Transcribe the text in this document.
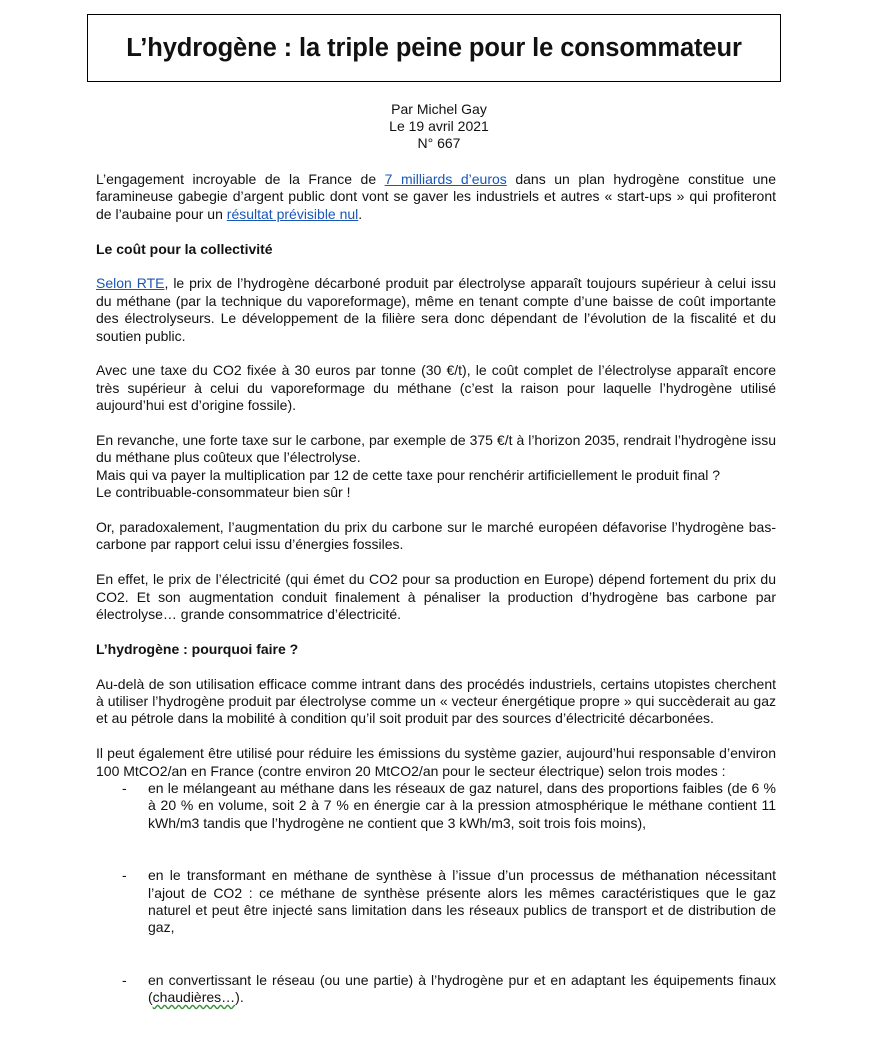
L’hydrogène : la triple peine pour le consommateur
Par Michel Gay
Le 19 avril 2021
N° 667

L’engagement incroyable de la France de 7 milliards d’euros dans un plan hydrogène constitue une faramineuse gabegie d’argent public dont vont se gaver les industriels et autres « start-ups » qui profiteront de l’aubaine pour un résultat prévisible nul.

Le coût pour la collectivité

Selon RTE, le prix de l’hydrogène décarboné produit par électrolyse apparaît toujours supérieur à celui issu du méthane (par la technique du vaporeformage), même en tenant compte d’une baisse de coût importante des électrolyseurs. Le développement de la filière sera donc dépendant de l’évolution de la fiscalité et du soutien public.

Avec une taxe du CO2 fixée à 30 euros par tonne (30 €/t), le coût complet de l’électrolyse apparaît encore très supérieur à celui du vaporeformage du méthane (c’est la raison pour laquelle l’hydrogène utilisé aujourd’hui est d’origine fossile).

En revanche, une forte taxe sur le carbone, par exemple de 375 €/t à l’horizon 2035, rendrait l’hydrogène issu du méthane plus coûteux que l’électrolyse.

Mais qui va payer la multiplication par 12 de cette taxe pour renchérir artificiellement le produit final ?

Le contribuable-consommateur bien sûr !

Or, paradoxalement, l’augmentation du prix du carbone sur le marché européen défavorise l’hydrogène bas-carbone par rapport celui issu d’énergies fossiles.

En effet, le prix de l’électricité (qui émet du CO2 pour sa production en Europe) dépend fortement du prix du CO2. Et son augmentation conduit finalement à pénaliser la production d’hydrogène bas carbone par électrolyse… grande consommatrice d’électricité.

L’hydrogène : pourquoi faire ?

Au-delà de son utilisation efficace comme intrant dans des procédés industriels, certains utopistes cherchent à utiliser l’hydrogène produit par électrolyse comme un « vecteur énergétique propre » qui succèderait au gaz et au pétrole dans la mobilité à condition qu’il soit produit par des sources d’électricité décarbonées.

Il peut également être utilisé pour réduire les émissions du système gazier, aujourd’hui responsable d’environ 100 MtCO2/an en France (contre environ 20 MtCO2/an pour le secteur électrique) selon trois modes :

- en le mélangeant au méthane dans les réseaux de gaz naturel, dans des proportions faibles (de 6 % à 20 % en volume, soit 2 à 7 % en énergie car à la pression atmosphérique le méthane contient 11 kWh/m3 tandis que l’hydrogène ne contient que 3 kWh/m3, soit trois fois moins),
- en le transformant en méthane de synthèse à l’issue d’un processus de méthanation nécessitant l’ajout de CO2 : ce méthane de synthèse présente alors les mêmes caractéristiques que le gaz naturel et peut être injecté sans limitation dans les réseaux publics de transport et de distribution de gaz,
- en convertissant le réseau (ou une partie) à l’hydrogène pur et en adaptant les équipements finaux (chaudières…).
